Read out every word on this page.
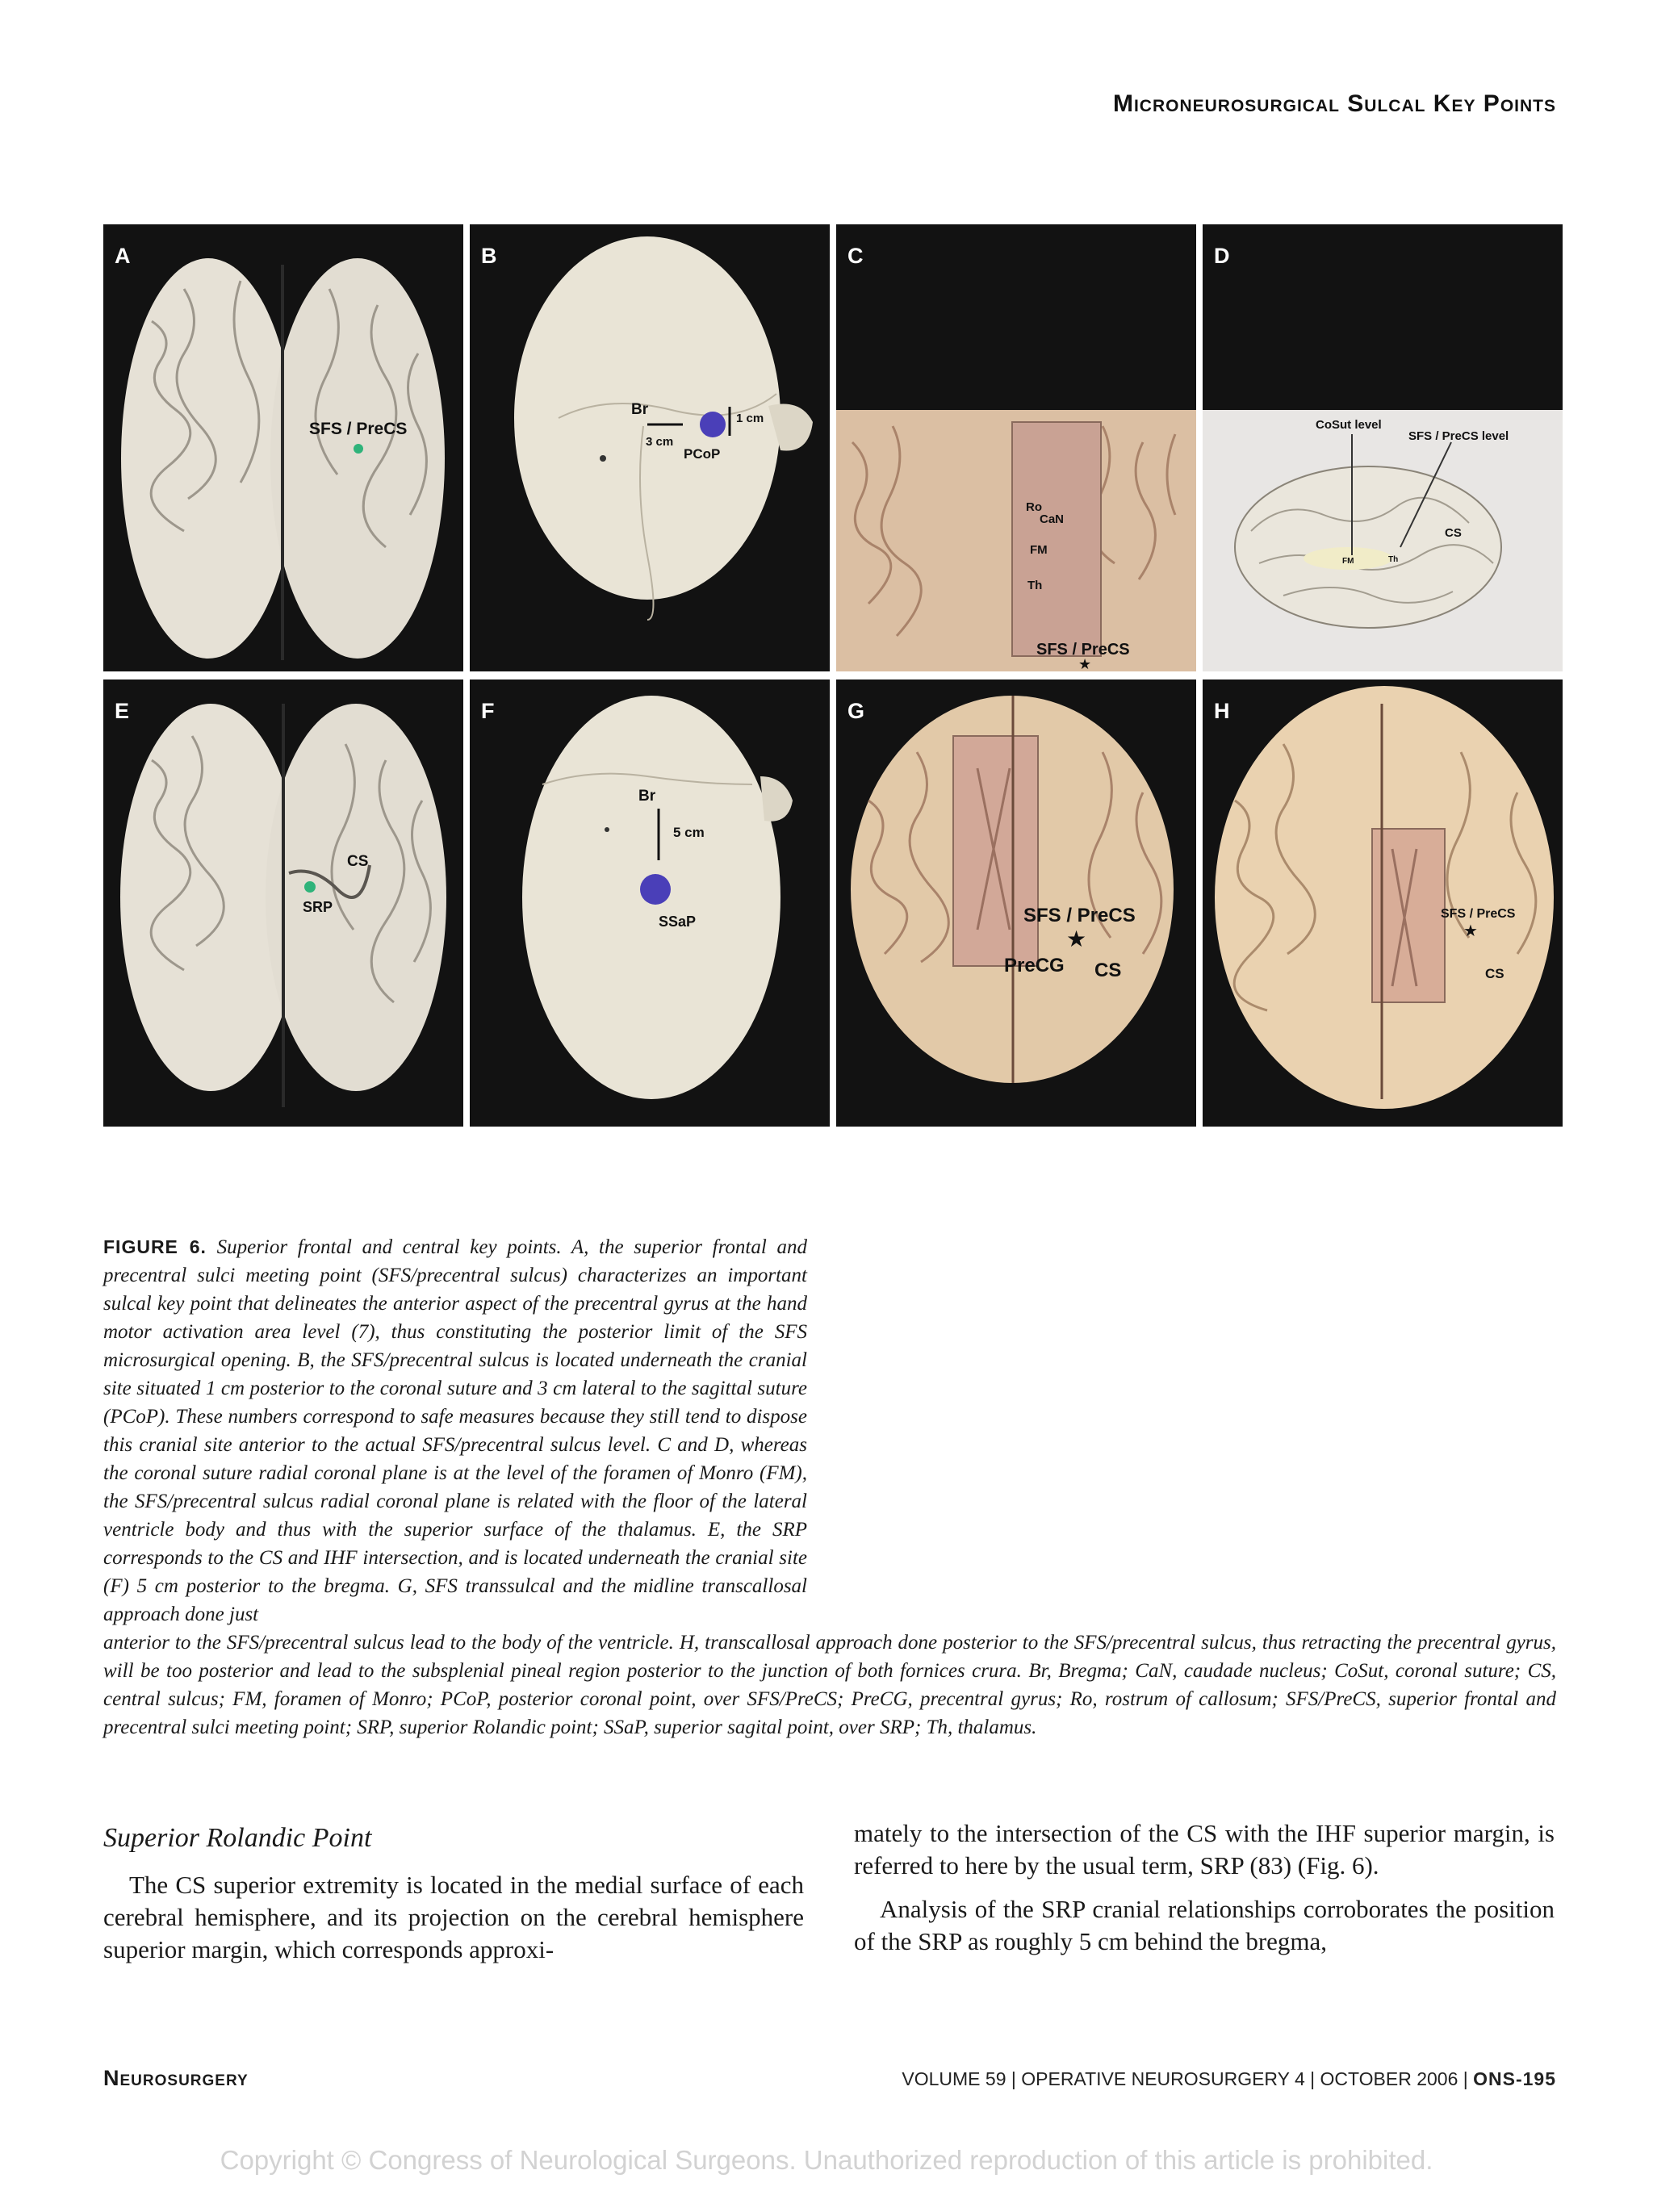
Microneurosurgical Sulcal Key Points
SFS / PreCS
A
Br
1 cm
3 cm
PCoP
B
Ro
CaN
FM
Th
SFS / PreCS
★
C
CoSut level
SFS / PreCS level
CS
FM	Th
D
CS
SRP
E
Br
5 cm
SSaP
F
SFS / PreCS
★
PreCG CS
G
SFS / PreCS
★
CS
H
FIGURE 6. Superior frontal and central key points. A, the superior frontal and precentral sulci meeting point (SFS/precentral sulcus) characterizes an important sulcal key point that delineates the anterior aspect of the precentral gyrus at the hand motor activation area level (7), thus constituting the posterior limit of the SFS microsurgical opening. B, the SFS/precentral sulcus is located underneath the cranial site situated 1 cm posterior to the coronal suture and 3 cm lateral to the sagittal suture (PCoP). These numbers correspond to safe measures because they still tend to dispose this cranial site anterior to the actual SFS/precentral sulcus level. C and D, whereas the coronal suture radial coronal plane is at the level of the foramen of Monro (FM), the SFS/precentral sulcus radial coronal plane is related with the floor of the lateral ventricle body and thus with the superior surface of the thalamus. E, the SRP corresponds to the CS and IHF intersection, and is located underneath the cranial site (F) 5 cm posterior to the bregma. G, SFS transsulcal and the midline transcallosal approach done just
anterior to the SFS/precentral sulcus lead to the body of the ventricle. H, transcallosal approach done posterior to the SFS/precentral sulcus, thus retracting the precentral gyrus, will be too posterior and lead to the subsplenial pineal region posterior to the junction of both fornices crura. Br, Bregma; CaN, caudade nucleus; CoSut, coronal suture; CS, central sulcus; FM, foramen of Monro; PCoP, posterior coronal point, over SFS/PreCS; PreCG, precentral gyrus; Ro, rostrum of callosum; SFS/PreCS, superior frontal and precentral sulci meeting point; SRP, superior Rolandic point; SSaP, superior sagital point, over SRP; Th, thalamus.
Superior Rolandic Point

The CS superior extremity is located in the medial surface of each cerebral hemisphere, and its projection on the cerebral hemisphere superior margin, which corresponds approxi-

mately to the intersection of the CS with the IHF superior margin, is referred to here by the usual term, SRP (83) (Fig. 6).

Analysis of the SRP cranial relationships corroborates the position of the SRP as roughly 5 cm behind the bregma,

Neurosurgery	VOLUME 59 | OPERATIVE NEUROSURGERY 4 | OCTOBER 2006 | ONS-195
Copyright © Congress of Neurological Surgeons. Unauthorized reproduction of this article is prohibited.
